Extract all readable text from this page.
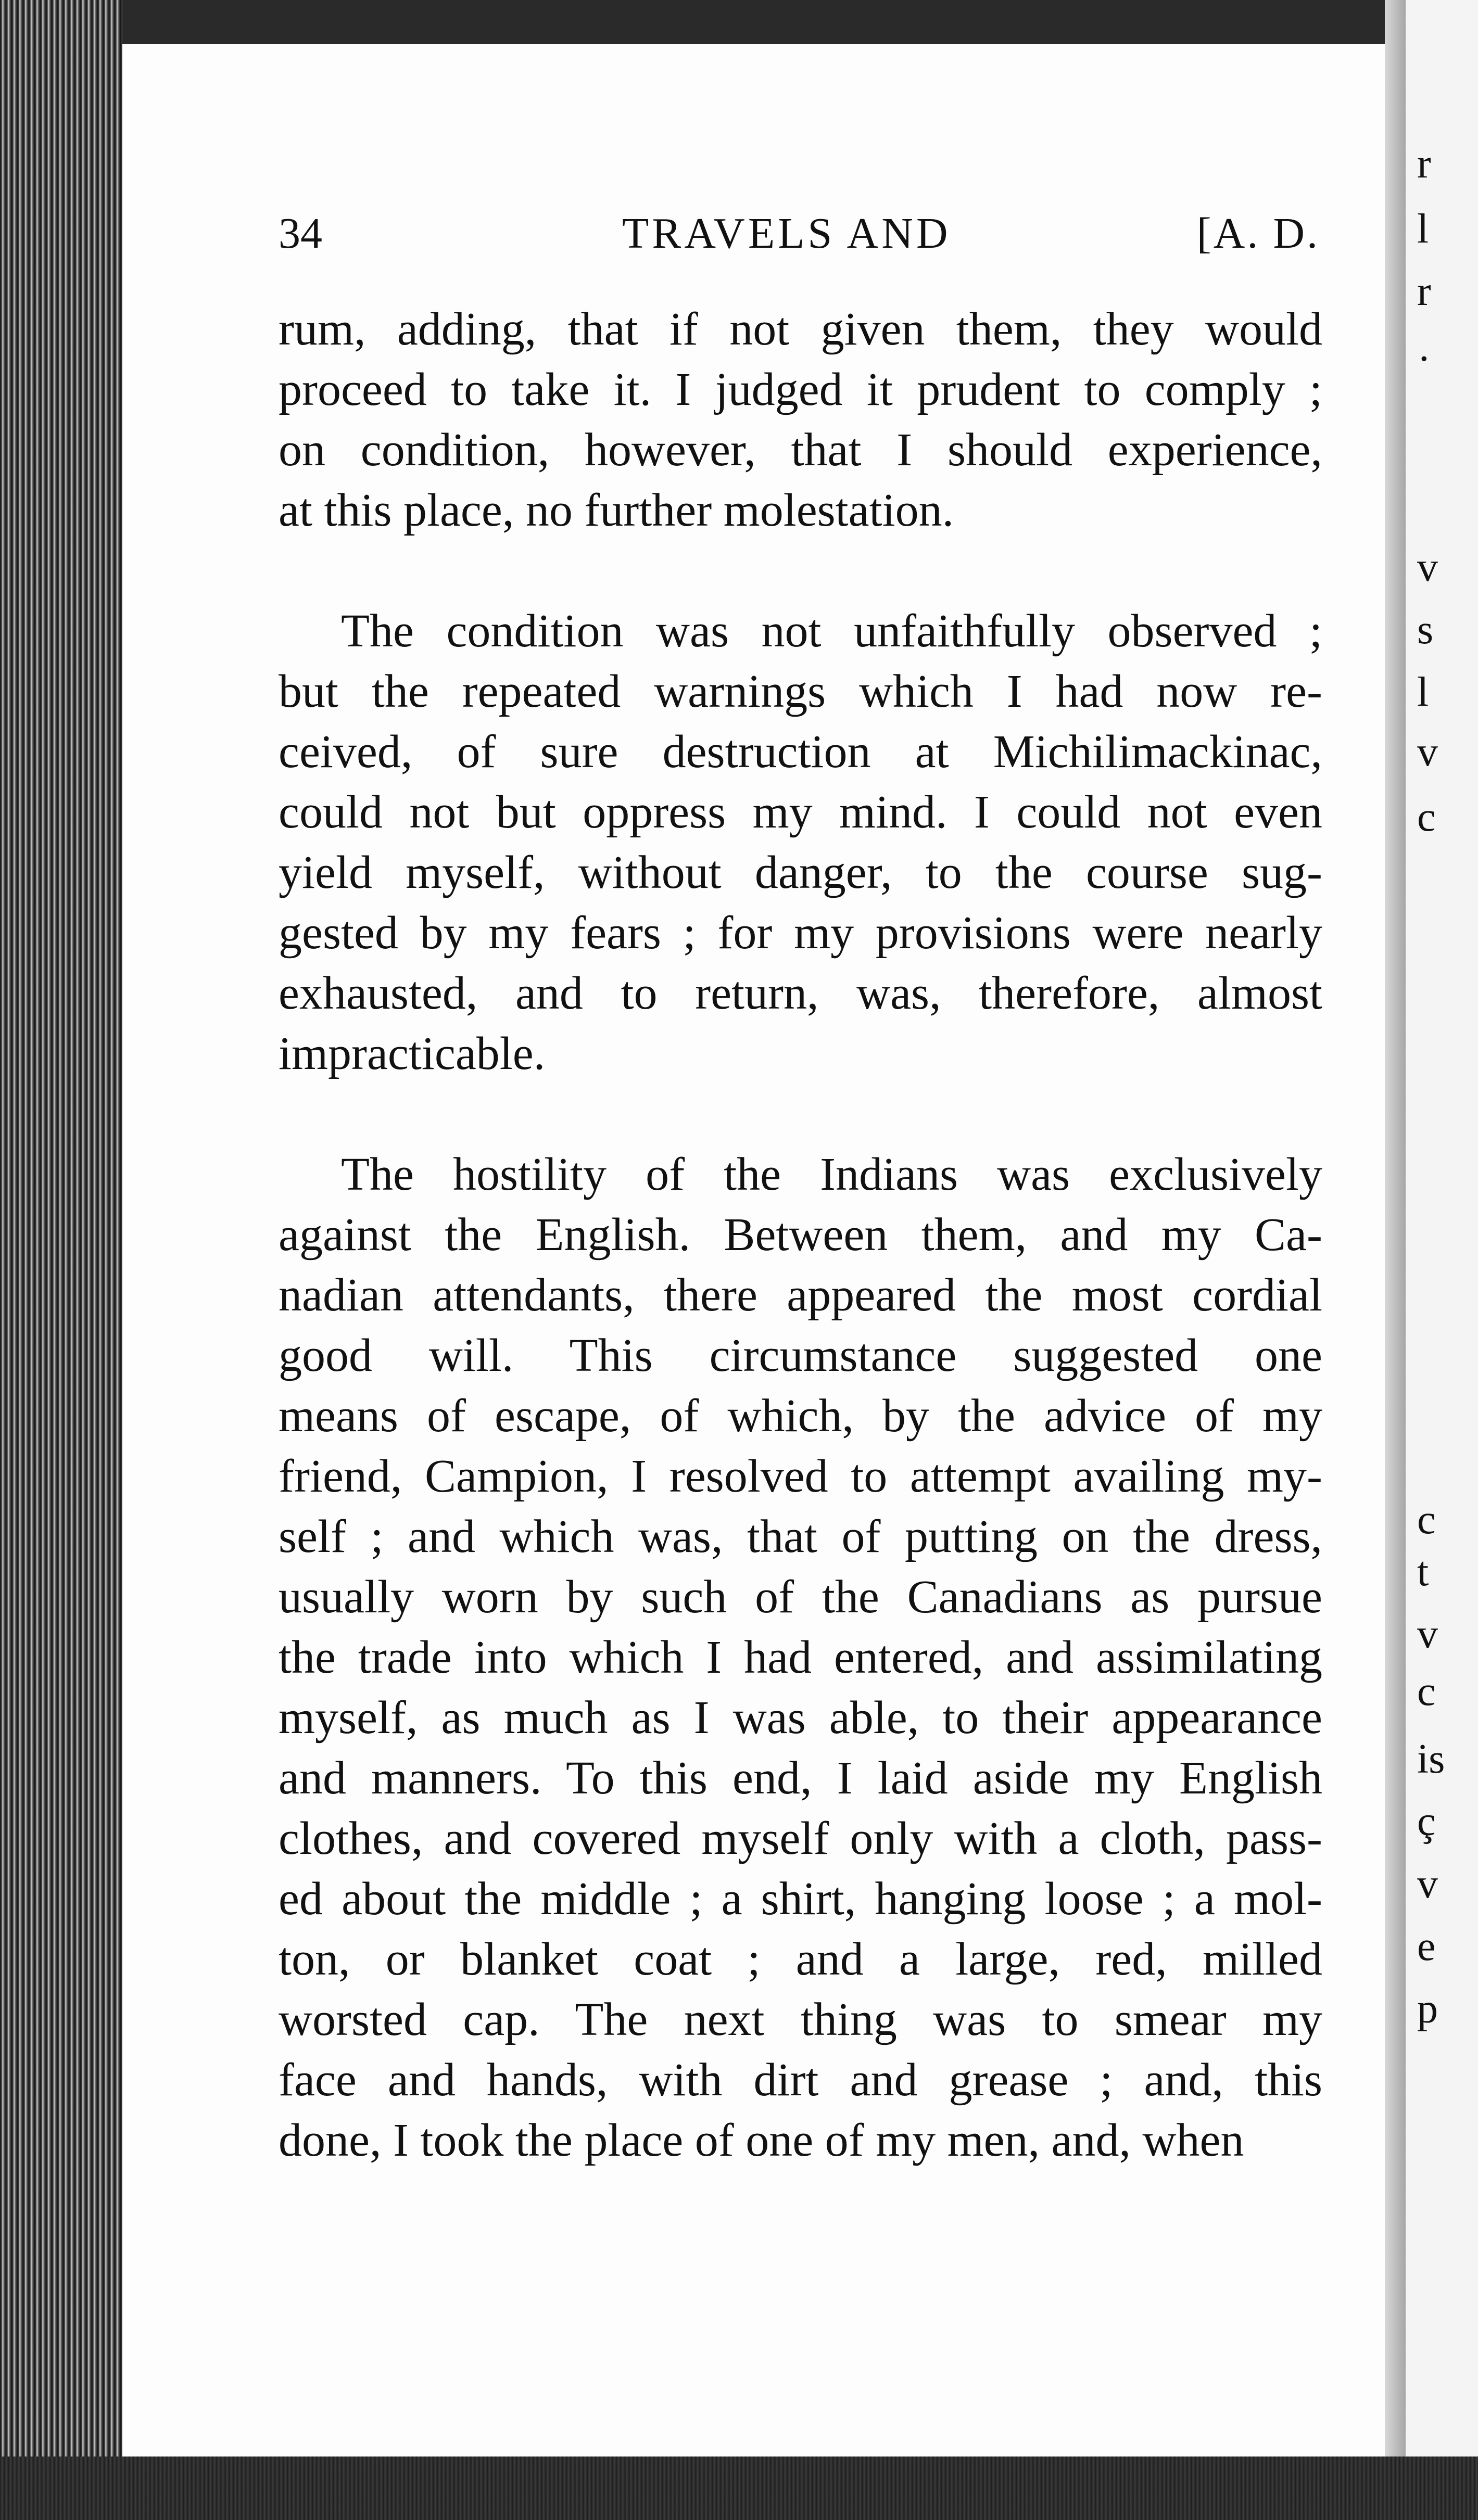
r
l
r
·
v
s
l
v
c
c
t
v
c
is
ç
v
e
p
34	TRAVELS AND	[A. D.
rum, adding, that if not given them, they would
proceed to take it. I judged it prudent to comply ;
on condition, however, that I should experience,
at this place, no further molestation.
The condition was not unfaithfully observed ;
but the repeated warnings which I had now re-
ceived, of sure destruction at Michilimackinac,
could not but oppress my mind. I could not even
yield myself, without danger, to the course sug-
gested by my fears ; for my provisions were nearly
exhausted, and to return, was, therefore, almost
impracticable.
The hostility of the Indians was exclusively
against the English. Between them, and my Ca-
nadian attendants, there appeared the most cordial
good will. This circumstance suggested one
means of escape, of which, by the advice of my
friend, Campion, I resolved to attempt availing my-
self ; and which was, that of putting on the dress,
usually worn by such of the Canadians as pursue
the trade into which I had entered, and assimilating
myself, as much as I was able, to their appearance
and manners. To this end, I laid aside my English
clothes, and covered myself only with a cloth, pass-
ed about the middle ; a shirt, hanging loose ; a mol-
ton, or blanket coat ; and a large, red, milled
worsted cap. The next thing was to smear my
face and hands, with dirt and grease ; and, this
done, I took the place of one of my men, and, when
